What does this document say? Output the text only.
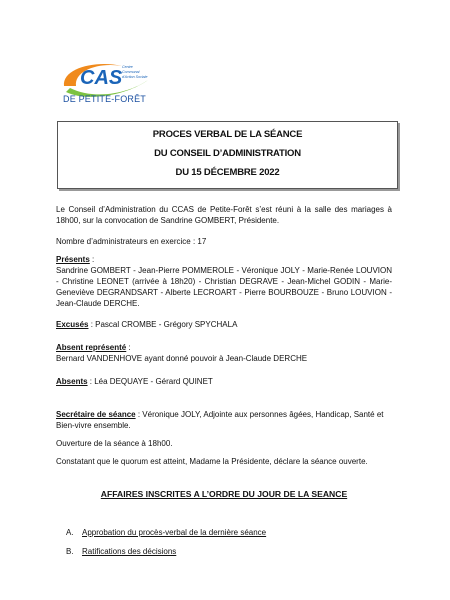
CAS Centre
Communal
d'Action Sociale
DE PETITE-FORÊT
PROCES VERBAL DE LA SÉANCE
DU CONSEIL D’ADMINISTRATION
DU 15 DÉCEMBRE 2022

Le Conseil d’Administration du CCAS de Petite-Forêt s’est réuni à la salle des mariages à 18h00, sur la convocation de Sandrine GOMBERT, Présidente.

Nombre d’administrateurs en exercice : 17

Présents :
Sandrine GOMBERT - Jean-Pierre POMMEROLE - Véronique JOLY - Marie-Renée LOUVION - Christine LEONET (arrivée à 18h20) - Christian DEGRAVE - Jean-Michel GODIN - Marie-Geneviève DEGRANDSART - Alberte LECROART - Pierre BOURBOUZE - Bruno LOUVION - Jean-Claude DERCHE.
Excusés : Pascal CROMBE - Grégory SPYCHALA
Absent représenté :
Bernard VANDENHOVE ayant donné pouvoir à Jean-Claude DERCHE
Absents : Léa DEQUAYE - Gérard QUINET
Secrétaire de séance : Véronique JOLY, Adjointe aux personnes âgées, Handicap, Santé et Bien-vivre ensemble.

Ouverture de la séance à 18h00.

Constatant que le quorum est atteint, Madame la Présidente, déclare la séance ouverte.

AFFAIRES INSCRITES A L’ORDRE DU JOUR DE LA SEANCE
A. Approbation du procès-verbal de la dernière séance
B. Ratifications des décisions
